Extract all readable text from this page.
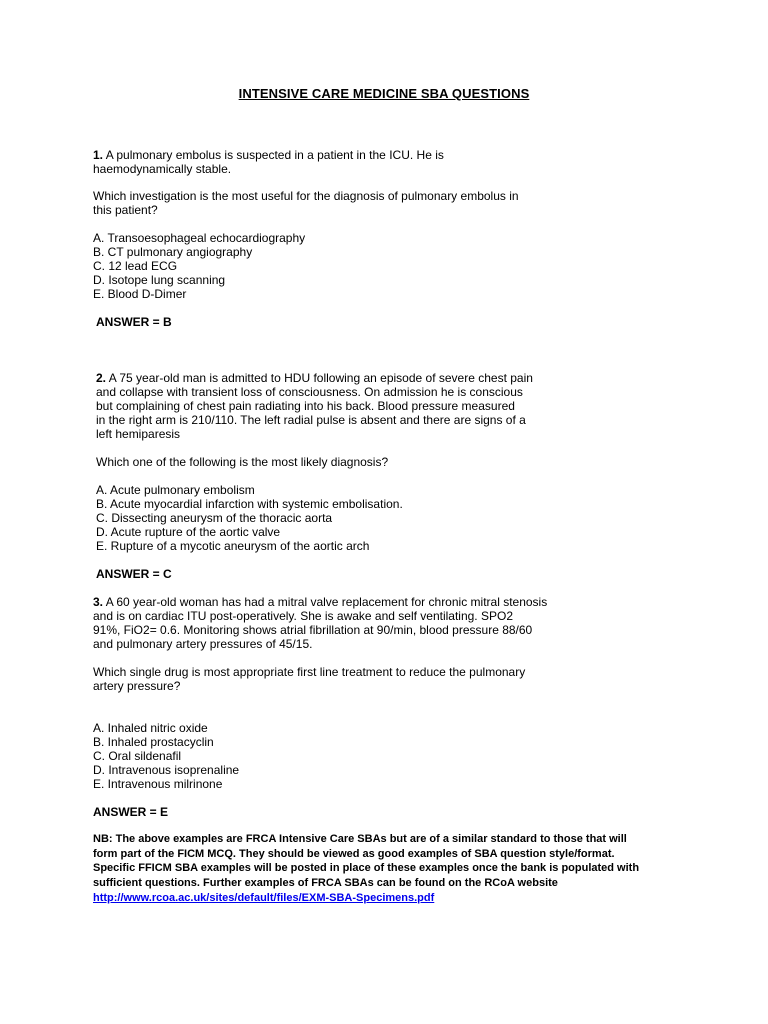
INTENSIVE CARE MEDICINE SBA QUESTIONS
1. A pulmonary embolus is suspected in a patient in the ICU. He is
haemodynamically stable.
Which investigation is the most useful for the diagnosis of pulmonary embolus in
this patient?
A. Transoesophageal echocardiography
B. CT pulmonary angiography
C. 12 lead ECG
D. Isotope lung scanning
E. Blood D-Dimer
ANSWER = B
2. A 75 year-old man is admitted to HDU following an episode of severe chest pain
and collapse with transient loss of consciousness. On admission he is conscious
but complaining of chest pain radiating into his back. Blood pressure measured
in the right arm is 210/110. The left radial pulse is absent and there are signs of a
left hemiparesis
Which one of the following is the most likely diagnosis?
A. Acute pulmonary embolism
B. Acute myocardial infarction with systemic embolisation.
C. Dissecting aneurysm of the thoracic aorta
D. Acute rupture of the aortic valve
E. Rupture of a mycotic aneurysm of the aortic arch
ANSWER = C
3. A 60 year-old woman has had a mitral valve replacement for chronic mitral stenosis
and is on cardiac ITU post-operatively. She is awake and self ventilating. SPO2
91%, FiO2= 0.6. Monitoring shows atrial fibrillation at 90/min, blood pressure 88/60
and pulmonary artery pressures of 45/15.
Which single drug is most appropriate first line treatment to reduce the pulmonary
artery pressure?
A. Inhaled nitric oxide
B. Inhaled prostacyclin
C. Oral sildenafil
D. Intravenous isoprenaline
E. Intravenous milrinone
ANSWER = E
NB: The above examples are FRCA Intensive Care SBAs but are of a similar standard to those that will
form part of the FICM MCQ. They should be viewed as good examples of SBA question style/format.
Specific FFICM SBA examples will be posted in place of these examples once the bank is populated with
sufficient questions. Further examples of FRCA SBAs can be found on the RCoA website
http://www.rcoa.ac.uk/sites/default/files/EXM-SBA-Specimens.pdf
